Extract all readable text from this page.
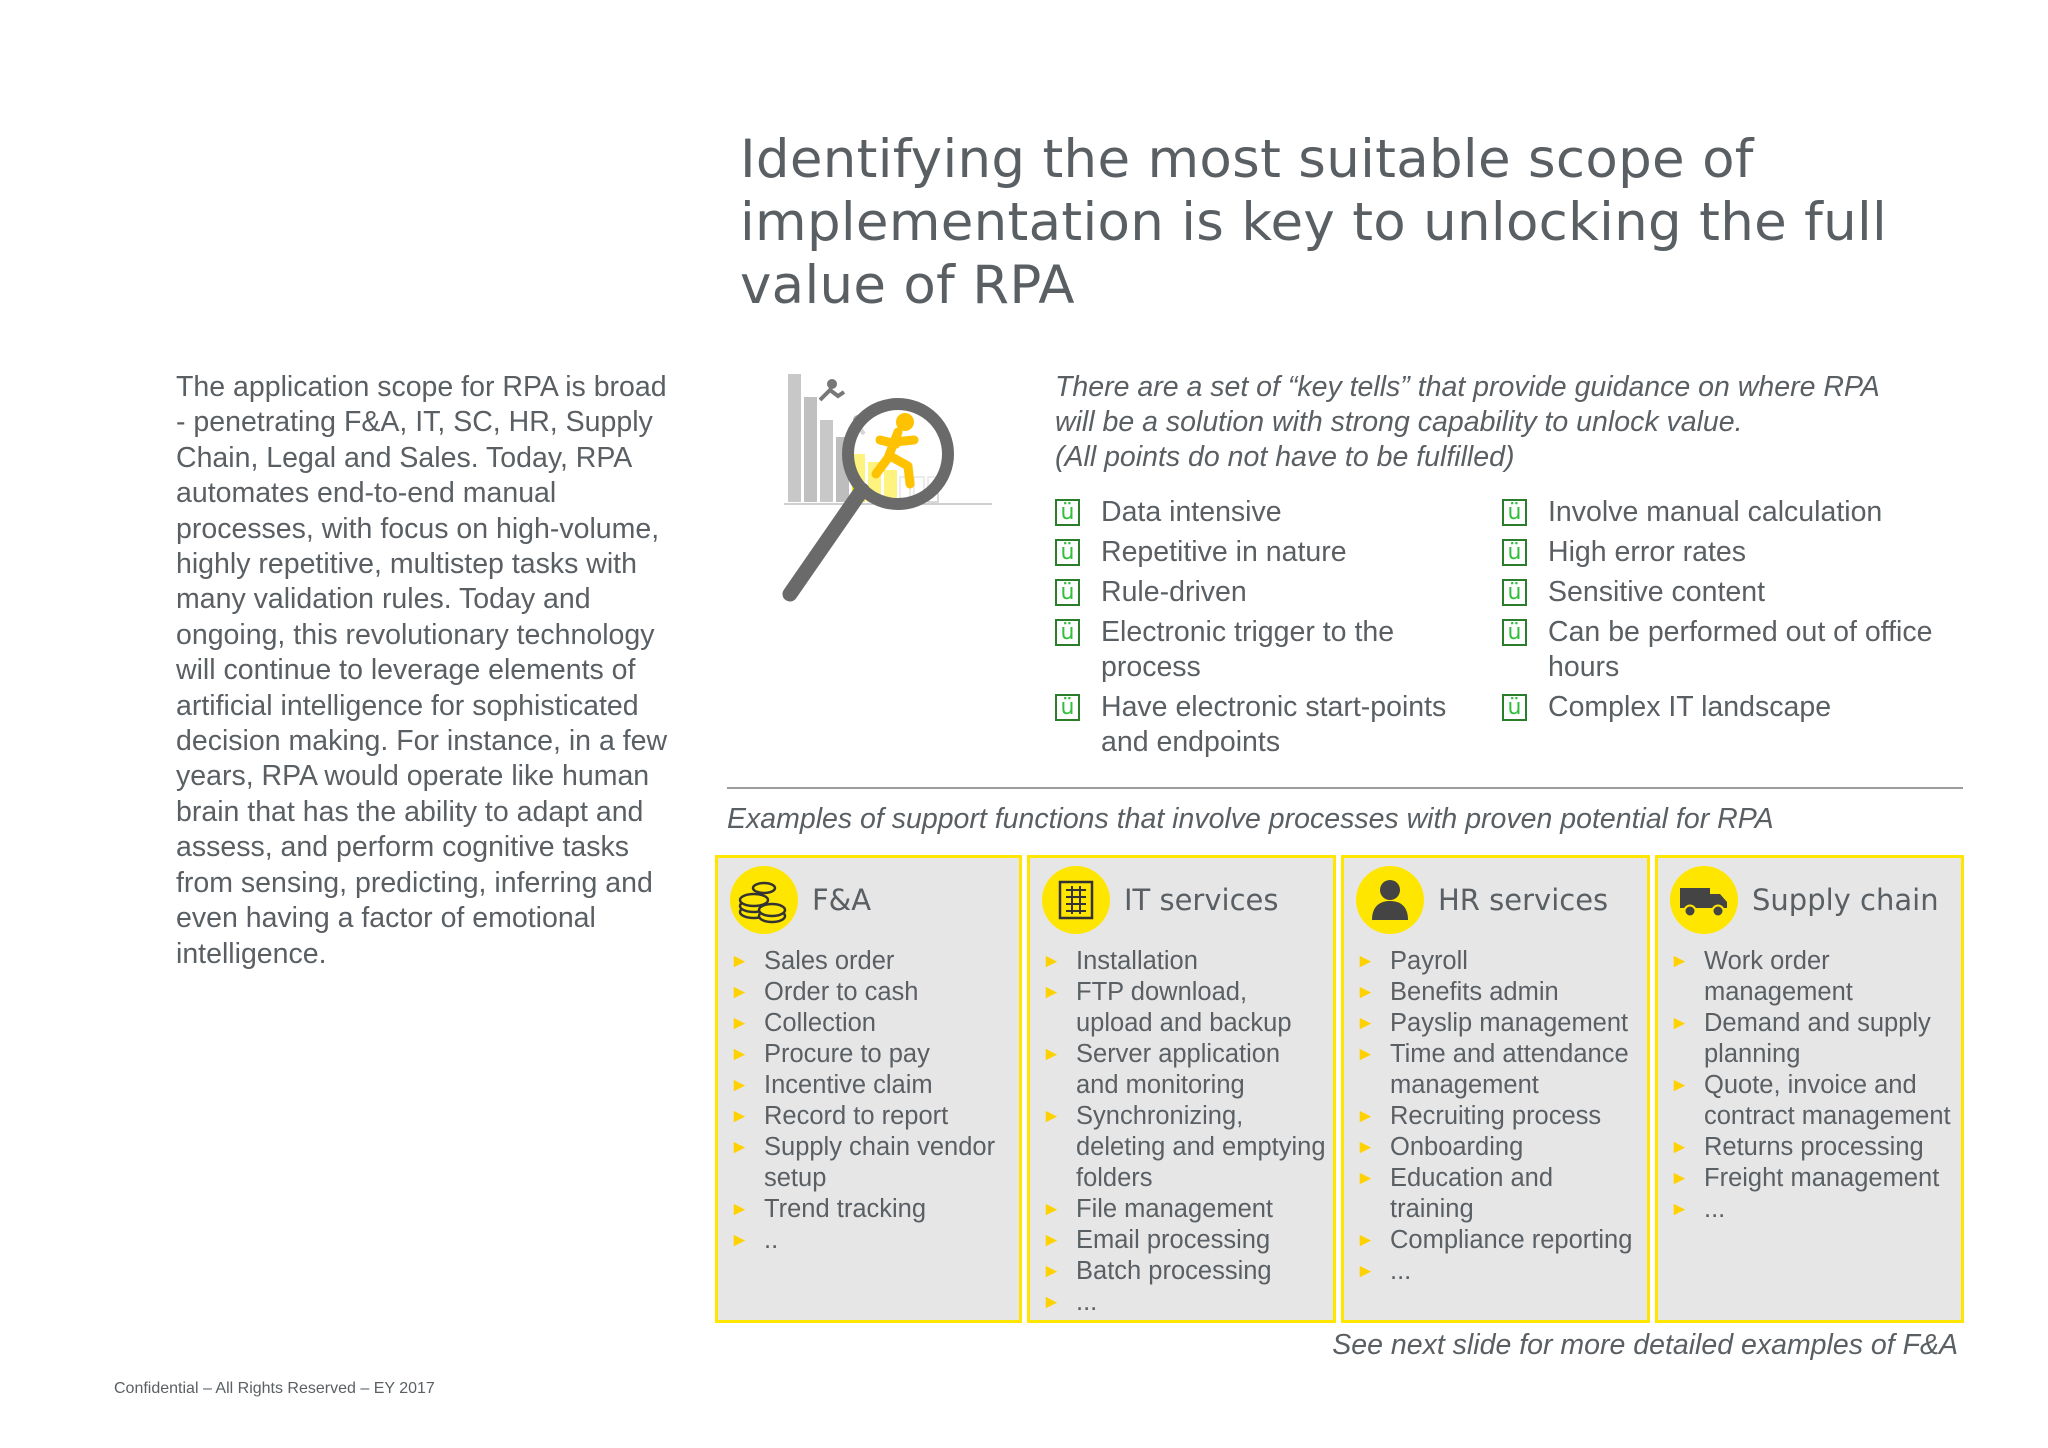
Identifying the most suitable scope of implementation is key to unlocking the full value of RPA

The application scope for RPA is broad - penetrating F&A, IT, SC, HR, Supply Chain, Legal and Sales. Today, RPA automates end-to-end manual processes, with focus on high-volume, highly repetitive, multistep tasks with many validation rules. Today and ongoing, this revolutionary technology will continue to leverage elements of artificial intelligence for sophisticated decision making. For instance, in a few years, RPA would operate like human brain that has the ability to adapt and assess, and perform cognitive tasks from sensing, predicting, inferring and even having a factor of emotional intelligence.

There are a set of “key tells” that provide guidance on where RPA
will be a solution with strong capability to unlock value.
(All points do not have to be fulfilled)

ü Data intensive
ü Repetitive in nature
ü Rule-driven
ü Electronic trigger to the process
ü Have electronic start-points and endpoints
ü Involve manual calculation
ü High error rates
ü Sensitive content
ü Can be performed out of office hours
ü Complex IT landscape

Examples of support functions that involve processes with proven potential for RPA

F&A
► Sales order
► Order to cash
► Collection
► Procure to pay
► Incentive claim
► Record to report
► Supply chain vendor setup
► Trend tracking
► ..
IT services
► Installation
► FTP download, upload and backup
► Server application and monitoring
► Synchronizing, deleting and emptying folders
► File management
► Email processing
► Batch processing
► ...
HR services
► Payroll
► Benefits admin
► Payslip management
► Time and attendance management
► Recruiting process
► Onboarding
► Education and training
► Compliance reporting
► ...
Supply chain
► Work order management
► Demand and supply planning
► Quote, invoice and contract management
► Returns processing
► Freight management
► ...

See next slide for more detailed examples of F&A

Confidential – All Rights Reserved – EY 2017
